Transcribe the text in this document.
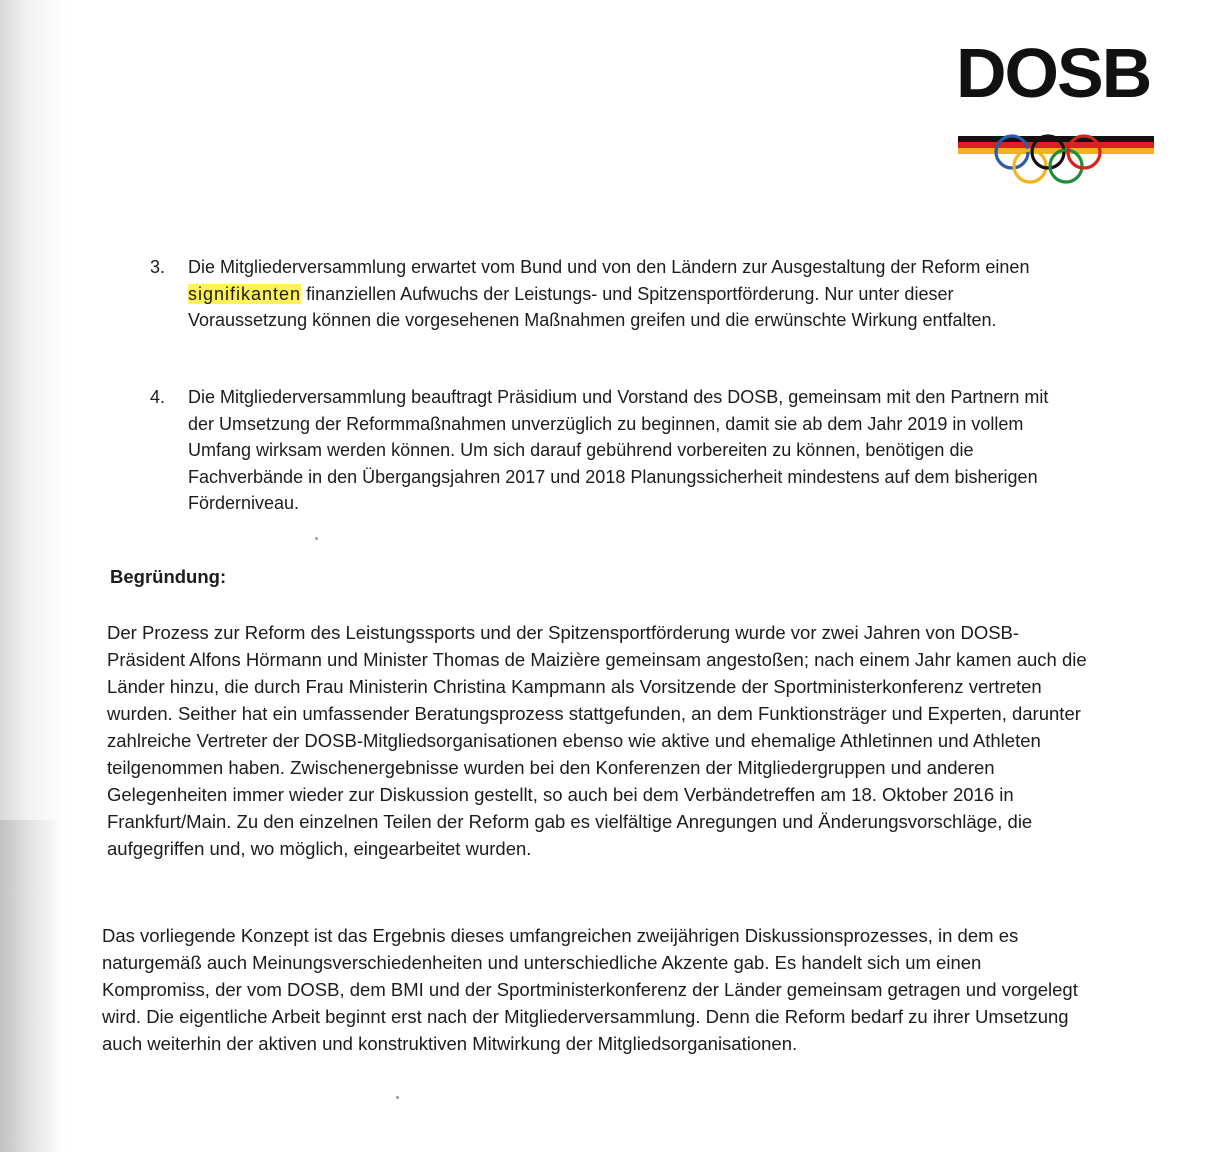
DOSB
3.	Die Mitgliederversammlung erwartet vom Bund und von den Ländern zur Ausgestaltung der Reform einen signifikanten finanziellen Aufwuchs der Leistungs- und Spitzensportförderung. Nur unter dieser Voraussetzung können die vorgesehenen Maßnahmen greifen und die erwünschte Wirkung entfalten.
4.	Die Mitgliederversammlung beauftragt Präsidium und Vorstand des DOSB, gemeinsam mit den Partnern mit der Umsetzung der Reformmaßnahmen unverzüglich zu beginnen, damit sie ab dem Jahr 2019 in vollem Umfang wirksam werden können. Um sich darauf gebührend vorbereiten zu können, benötigen die Fachverbände in den Übergangsjahren 2017 und 2018 Planungssicherheit mindestens auf dem bisherigen Förderniveau.
Begründung:
Der Prozess zur Reform des Leistungssports und der Spitzensportförderung wurde vor zwei Jahren von DOSB-Präsident Alfons Hörmann und Minister Thomas de Maizière gemeinsam angestoßen; nach einem Jahr kamen auch die Länder hinzu, die durch Frau Ministerin Christina Kampmann als Vorsitzende der Sportministerkonferenz vertreten wurden. Seither hat ein umfassender Beratungsprozess stattgefunden, an dem Funktionsträger und Experten, darunter zahlreiche Vertreter der DOSB-Mitgliedsorganisationen ebenso wie aktive und ehemalige Athletinnen und Athleten teilgenommen haben. Zwischenergebnisse wurden bei den Konferenzen der Mitgliedergruppen und anderen Gelegenheiten immer wieder zur Diskussion gestellt, so auch bei dem Verbändetreffen am 18. Oktober 2016 in Frankfurt/Main. Zu den einzelnen Teilen der Reform gab es vielfältige Anregungen und Änderungsvorschläge, die aufgegriffen und, wo möglich, eingearbeitet wurden.
Das vorliegende Konzept ist das Ergebnis dieses umfangreichen zweijährigen Diskussionsprozesses, in dem es naturgemäß auch Meinungsverschiedenheiten und unterschiedliche Akzente gab. Es handelt sich um einen Kompromiss, der vom DOSB, dem BMI und der Sportministerkonferenz der Länder gemeinsam getragen und vorgelegt wird. Die eigentliche Arbeit beginnt erst nach der Mitgliederversammlung. Denn die Reform bedarf zu ihrer Umsetzung auch weiterhin der aktiven und konstruktiven Mitwirkung der Mitgliedsorganisationen.
